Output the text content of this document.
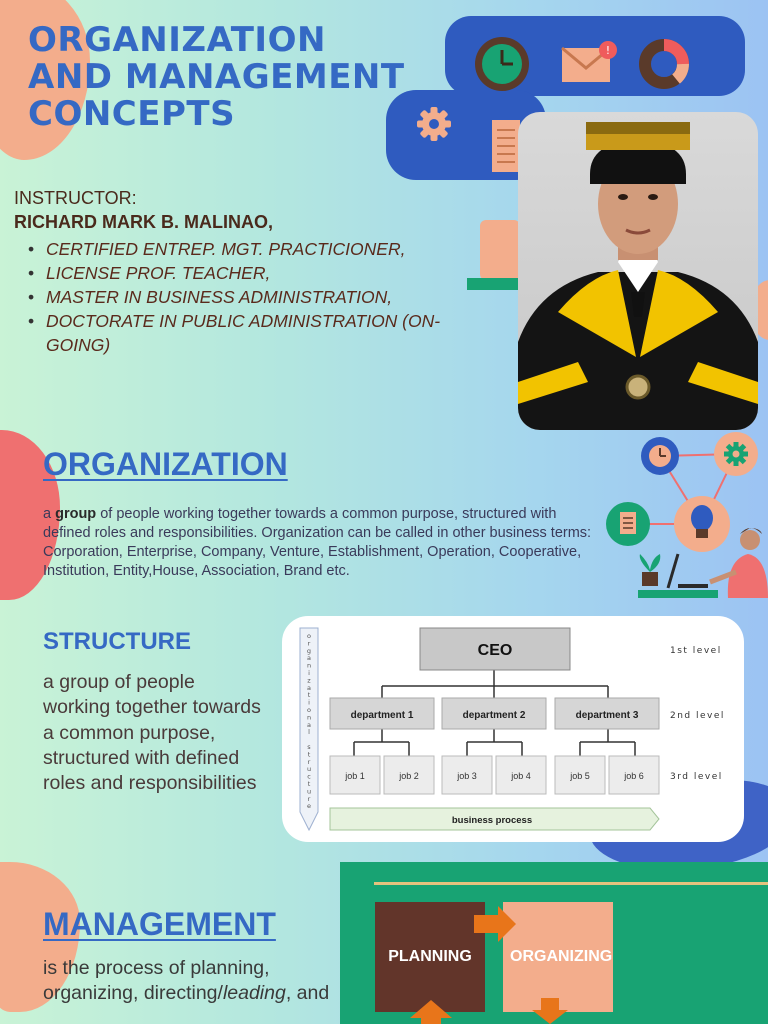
!
ORGANIZATION
AND MANAGEMENT
CONCEPTS
INSTRUCTOR:
RICHARD MARK B. MALINAO,
• CERTIFIED ENTREP. MGT. PRACTICIONER,
• LICENSE PROF. TEACHER,
• MASTER IN BUSINESS ADMINISTRATION,
• DOCTORATE IN PUBLIC ADMINISTRATION (ON-GOING)
ORGANIZATION
a group of people working together towards a common purpose, structured with defined roles and responsibilities. Organization can be called in other business terms: Corporation, Enterprise, Company, Venture, Establishment, Operation, Cooperative, Institution, Entity,House, Association, Brand etc.
STRUCTURE
a group of people working together towards a common purpose, structured with defined roles and responsibilities
o r g a n i z a t i o n a l s t r u c t u r e
CEO
department 1	department 2	department 3
job 1	job 2	job 3	job 4	job 5	job 6
1st level
2nd level
3rd level
business process
MANAGEMENT
is the process of planning, organizing, directing/leading, and
PLANNING	ORGANIZING
